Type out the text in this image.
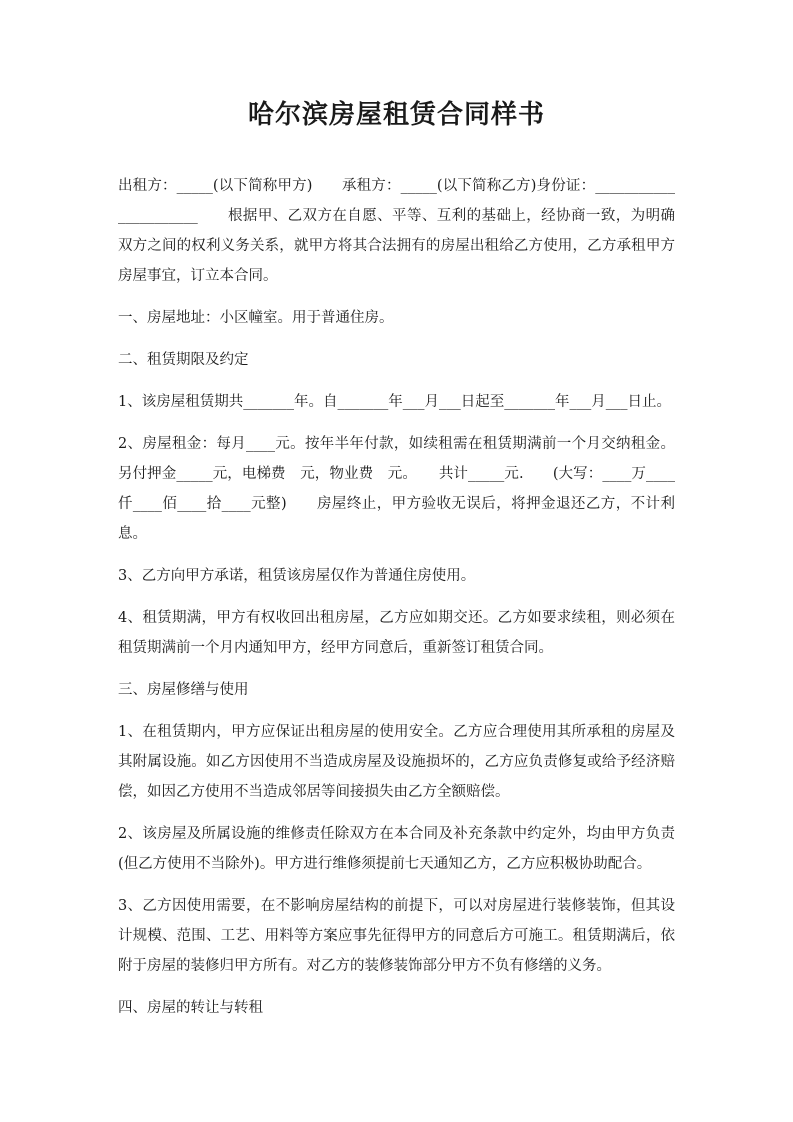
哈尔滨房屋租赁合同样书

出租方：_____(以下简称甲方)　　承租方：_____(以下简称乙方)身份证：______________________　　根据甲、乙双方在自愿、平等、互利的基础上，经协商一致，为明确双方之间的权利义务关系，就甲方将其合法拥有的房屋出租给乙方使用，乙方承租甲方房屋事宜，订立本合同。

一、房屋地址：小区幢室。用于普通住房。

二、租赁期限及约定

1、该房屋租赁期共_______年。自_______年___月___日起至_______年___月___日止。

2、房屋租金：每月____元。按年半年付款，如续租需在租赁期满前一个月交纳租金。另付押金_____元，电梯费　元，物业费　元。　　共计_____元.　　(大写：____万____仟____佰____拾____元整)　　房屋终止，甲方验收无误后，将押金退还乙方，不计利息。

3、乙方向甲方承诺，租赁该房屋仅作为普通住房使用。

4、租赁期满，甲方有权收回出租房屋，乙方应如期交还。乙方如要求续租，则必须在租赁期满前一个月内通知甲方，经甲方同意后，重新签订租赁合同。

三、房屋修缮与使用

1、在租赁期内，甲方应保证出租房屋的使用安全。乙方应合理使用其所承租的房屋及其附属设施。如乙方因使用不当造成房屋及设施损坏的，乙方应负责修复或给予经济赔偿，如因乙方使用不当造成邻居等间接损失由乙方全额赔偿。

2、该房屋及所属设施的维修责任除双方在本合同及补充条款中约定外，均由甲方负责(但乙方使用不当除外)。甲方进行维修须提前七天通知乙方，乙方应积极协助配合。

3、乙方因使用需要，在不影响房屋结构的前提下，可以对房屋进行装修装饰，但其设计规模、范围、工艺、用料等方案应事先征得甲方的同意后方可施工。租赁期满后，依附于房屋的装修归甲方所有。对乙方的装修装饰部分甲方不负有修缮的义务。

四、房屋的转让与转租
